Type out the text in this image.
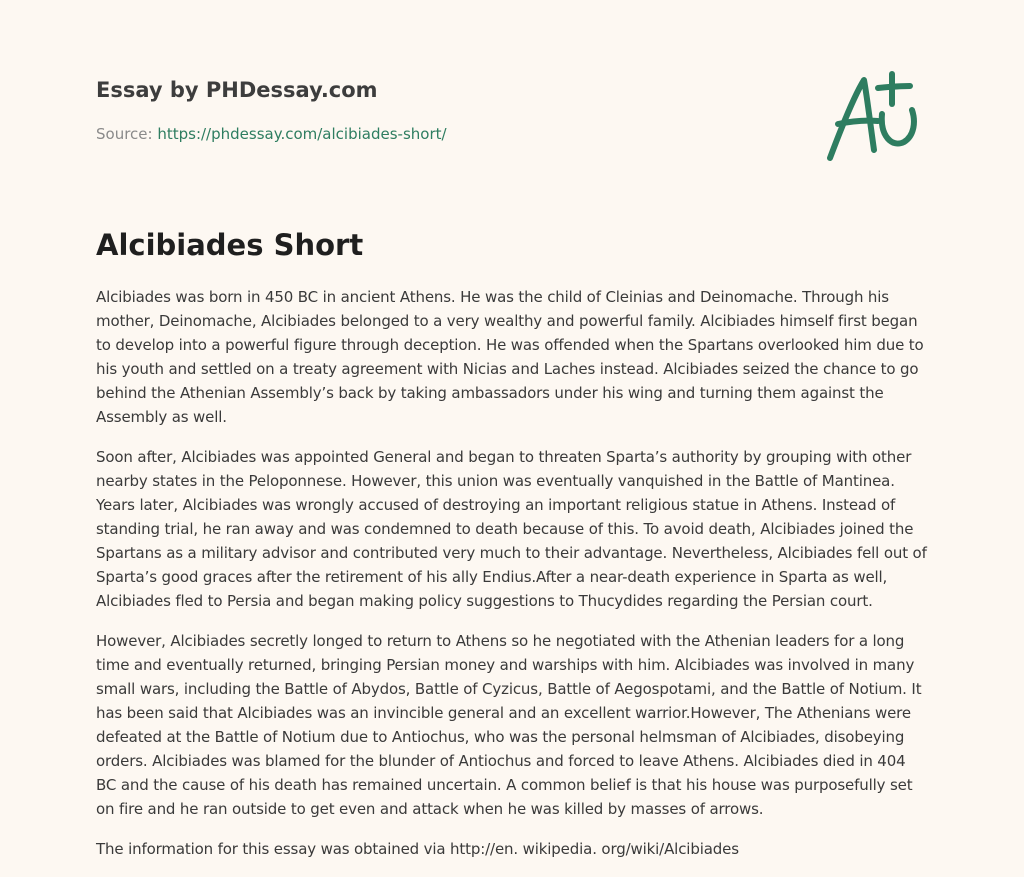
Essay by PHDessay.com
Source: https://phdessay.com/alcibiades-short/
Alcibiades Short

Alcibiades was born in 450 BC in ancient Athens. He was the child of Cleinias and Deinomache. Through his mother, Deinomache, Alcibiades belonged to a very wealthy and powerful family. Alcibiades himself first began to develop into a powerful figure through deception. He was offended when the Spartans overlooked him due to his youth and settled on a treaty agreement with Nicias and Laches instead. Alcibiades seized the chance to go behind the Athenian Assembly’s back by taking ambassadors under his wing and turning them against the Assembly as well.

Soon after, Alcibiades was appointed General and began to threaten Sparta’s authority by grouping with other nearby states in the Peloponnese. However, this union was eventually vanquished in the Battle of Mantinea. Years later, Alcibiades was wrongly accused of destroying an important religious statue in Athens. Instead of standing trial, he ran away and was condemned to death because of this. To avoid death, Alcibiades joined the Spartans as a military advisor and contributed very much to their advantage. Nevertheless, Alcibiades fell out of Sparta’s good graces after the retirement of his ally Endius.After a near-death experience in Sparta as well, Alcibiades fled to Persia and began making policy suggestions to Thucydides regarding the Persian court.

However, Alcibiades secretly longed to return to Athens so he negotiated with the Athenian leaders for a long time and eventually returned, bringing Persian money and warships with him. Alcibiades was involved in many small wars, including the Battle of Abydos, Battle of Cyzicus, Battle of Aegospotami, and the Battle of Notium. It has been said that Alcibiades was an invincible general and an excellent warrior.However, The Athenians were defeated at the Battle of Notium due to Antiochus, who was the personal helmsman of Alcibiades, disobeying orders. Alcibiades was blamed for the blunder of Antiochus and forced to leave Athens. Alcibiades died in 404 BC and the cause of his death has remained uncertain. A common belief is that his house was purposefully set on fire and he ran outside to get even and attack when he was killed by masses of arrows.

The information for this essay was obtained via http://en. wikipedia. org/wiki/Alcibiades
